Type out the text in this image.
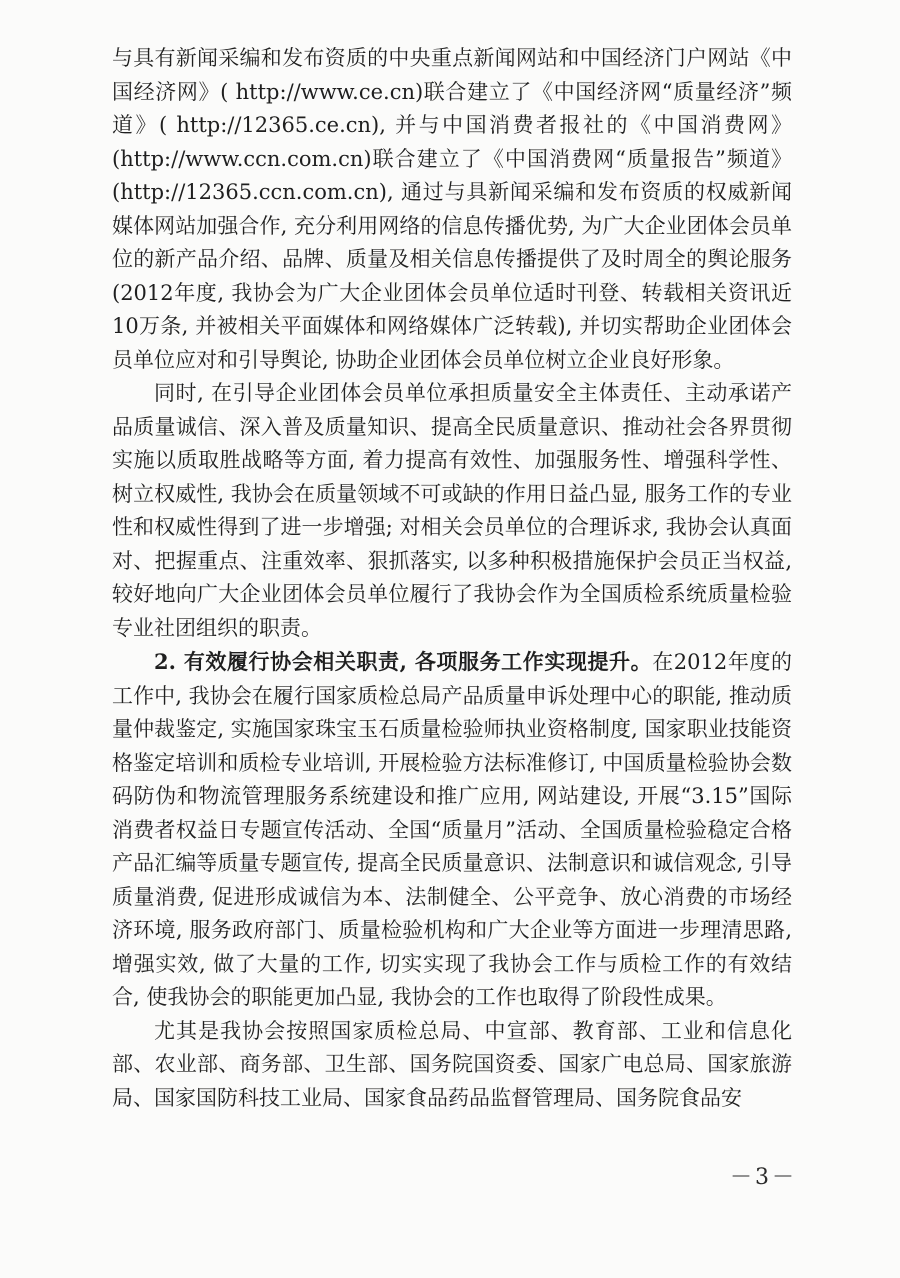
与具有新闻采编和发布资质的中央重点新闻网站和中国经济门户网站《中国经济网》( http://www.ce.cn)联合建立了《中国经济网“质量经济”频道》( http://12365.ce.cn), 并与中国消费者报社的《中国消费网》(http://www.ccn.com.cn)联合建立了《中国消费网“质量报告”频道》(http://12365.ccn.com.cn), 通过与具新闻采编和发布资质的权威新闻媒体网站加强合作, 充分利用网络的信息传播优势, 为广大企业团体会员单位的新产品介绍、品牌、质量及相关信息传播提供了及时周全的舆论服务(2012年度, 我协会为广大企业团体会员单位适时刊登、转载相关资讯近10万条, 并被相关平面媒体和网络媒体广泛转载), 并切实帮助企业团体会员单位应对和引导舆论, 协助企业团体会员单位树立企业良好形象。

同时, 在引导企业团体会员单位承担质量安全主体责任、主动承诺产品质量诚信、深入普及质量知识、提高全民质量意识、推动社会各界贯彻实施以质取胜战略等方面, 着力提高有效性、加强服务性、增强科学性、树立权威性, 我协会在质量领域不可或缺的作用日益凸显, 服务工作的专业性和权威性得到了进一步增强; 对相关会员单位的合理诉求, 我协会认真面对、把握重点、注重效率、狠抓落实, 以多种积极措施保护会员正当权益, 较好地向广大企业团体会员单位履行了我协会作为全国质检系统质量检验专业社团组织的职责。

2. 有效履行协会相关职责, 各项服务工作实现提升。在2012年度的工作中, 我协会在履行国家质检总局产品质量申诉处理中心的职能, 推动质量仲裁鉴定, 实施国家珠宝玉石质量检验师执业资格制度, 国家职业技能资格鉴定培训和质检专业培训, 开展检验方法标准修订, 中国质量检验协会数码防伪和物流管理服务系统建设和推广应用, 网站建设, 开展“3.15”国际消费者权益日专题宣传活动、全国“质量月”活动、全国质量检验稳定合格产品汇编等质量专题宣传, 提高全民质量意识、法制意识和诚信观念, 引导质量消费, 促进形成诚信为本、法制健全、公平竞争、放心消费的市场经济环境, 服务政府部门、质量检验机构和广大企业等方面进一步理清思路, 增强实效, 做了大量的工作, 切实实现了我协会工作与质检工作的有效结合, 使我协会的职能更加凸显, 我协会的工作也取得了阶段性成果。

尤其是我协会按照国家质检总局、中宣部、教育部、工业和信息化部、农业部、商务部、卫生部、国务院国资委、国家广电总局、国家旅游局、国家国防科技工业局、国家食品药品监督管理局、国务院食品安

－3－
